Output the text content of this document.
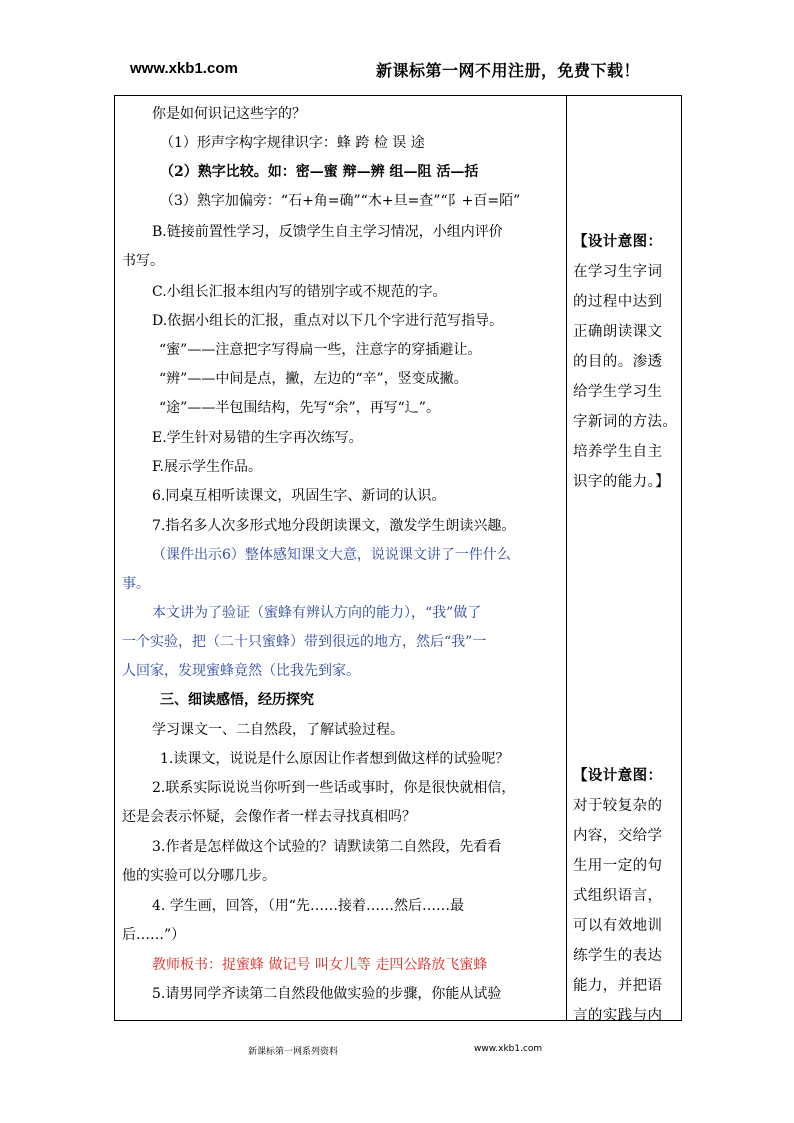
www.xkb1.com	新课标第一网不用注册，免费下载！
你是如何识记这些字的？
（1）形声字构字规律识字：蜂 跨 检 误 途
（2）熟字比较。如：密—蜜 辩—辨 组—阻 活—括
（3）熟字加偏旁：“石+角=确”“木+旦=查”“阝+百=陌”
B.链接前置性学习，反馈学生自主学习情况，小组内评价
书写。
C.小组长汇报本组内写的错别字或不规范的字。
D.依据小组长的汇报，重点对以下几个字进行范写指导。
“蜜”——注意把字写得扁一些，注意字的穿插避让。
“辨”——中间是点，撇，左边的“辛”，竖变成撇。
“途”——半包围结构，先写“余”，再写“辶”。
E.学生针对易错的生字再次练写。
F.展示学生作品。
6.同桌互相听读课文，巩固生字、新词的认识。
7.指名多人次多形式地分段朗读课文，激发学生朗读兴趣。
（课件出示6）整体感知课文大意，说说课文讲了一件什么
事。
本文讲为了验证（蜜蜂有辨认方向的能力），“我”做了
一个实验，把（二十只蜜蜂）带到很远的地方，然后“我”一
人回家，发现蜜蜂竟然（比我先到家。
三、细读感悟，经历探究
学习课文一、二自然段，了解试验过程。
1.读课文，说说是什么原因让作者想到做这样的试验呢？
2.联系实际说说当你听到一些话或事时，你是很快就相信，
还是会表示怀疑，会像作者一样去寻找真相吗？
3.作者是怎样做这个试验的？请默读第二自然段，先看看
他的实验可以分哪几步。
4. 学生画，回答，（用“先……接着……然后……最
后……”）
教师板书：捉蜜蜂 做记号 叫女儿等 走四公路放飞蜜蜂
5.请男同学齐读第二自然段他做实验的步骤，你能从试验
【设计意图：
在学习生字词
的过程中达到
正确朗读课文
的目的。渗透
给学生学习生
字新词的方法。
培养学生自主
识字的能力。】
【设计意图：
对于较复杂的
内容，交给学
生用一定的句
式组织语言，
可以有效地训
练学生的表达
能力，并把语
言的实践与内
新课标第一网系列资料	www.xkb1.com
